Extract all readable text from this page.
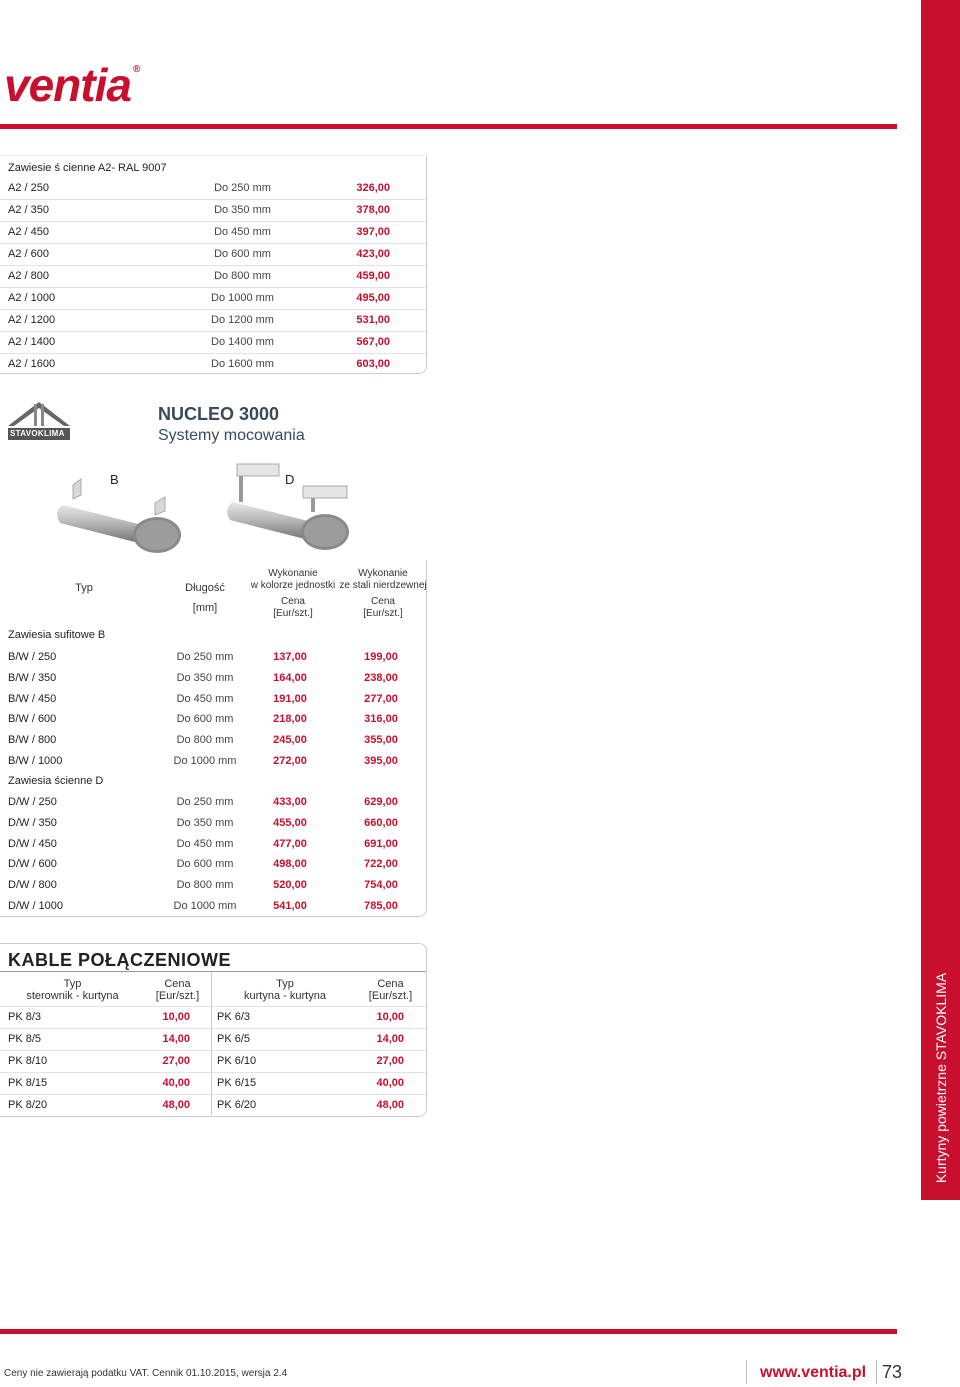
ventia ®
Kurtyny powietrzne STAVOKLIMA
Zawiesie ś cienne A2- RAL 9007
A2 / 250	Do 250 mm	326,00
A2 / 350	Do 350 mm	378,00
A2 / 450	Do 450 mm	397,00
A2 / 600	Do 600 mm	423,00
A2 / 800	Do 800 mm	459,00
A2 / 1000	Do 1000 mm	495,00
A2 / 1200	Do 1200 mm	531,00
A2 / 1400	Do 1400 mm	567,00
A2 / 1600	Do 1600 mm	603,00
STAVOKLIMA
NUCLEO 3000
Systemy mocowania
B	D
Typ	Długość
[mm]
Wykonanie
w kolorze jednostki
Cena
[Eur/szt.]
Wykonanie
ze stali nierdzewnej
Cena
[Eur/szt.]
Zawiesia sufitowe B
B/W / 250	Do 250 mm	137,00	199,00
B/W / 350	Do 350 mm	164,00	238,00
B/W / 450	Do 450 mm	191,00	277,00
B/W / 600	Do 600 mm	218,00	316,00
B/W / 800	Do 800 mm	245,00	355,00
B/W / 1000	Do 1000 mm	272,00	395,00
Zawiesia ścienne D
D/W / 250	Do 250 mm	433,00	629,00
D/W / 350	Do 350 mm	455,00	660,00
D/W / 450	Do 450 mm	477,00	691,00
D/W / 600	Do 600 mm	498,00	722,00
D/W / 800	Do 800 mm	520,00	754,00
D/W / 1000	Do 1000 mm	541,00	785,00
KABLE POŁĄCZENIOWE
Typ
sterownik - kurtyna
Cena
[Eur/szt.]
Typ
kurtyna - kurtyna
Cena
[Eur/szt.]
PK 8/3	10,00 PK 6/3	10,00
PK 8/5	14,00 PK 6/5	14,00
PK 8/10	27,00 PK 6/10	27,00
PK 8/15	40,00 PK 6/15	40,00
PK 8/20	48,00 PK 6/20	48,00
Ceny nie zawierają podatku VAT. Cennik 01.10.2015, wersja 2.4	www.ventia.pl 73
